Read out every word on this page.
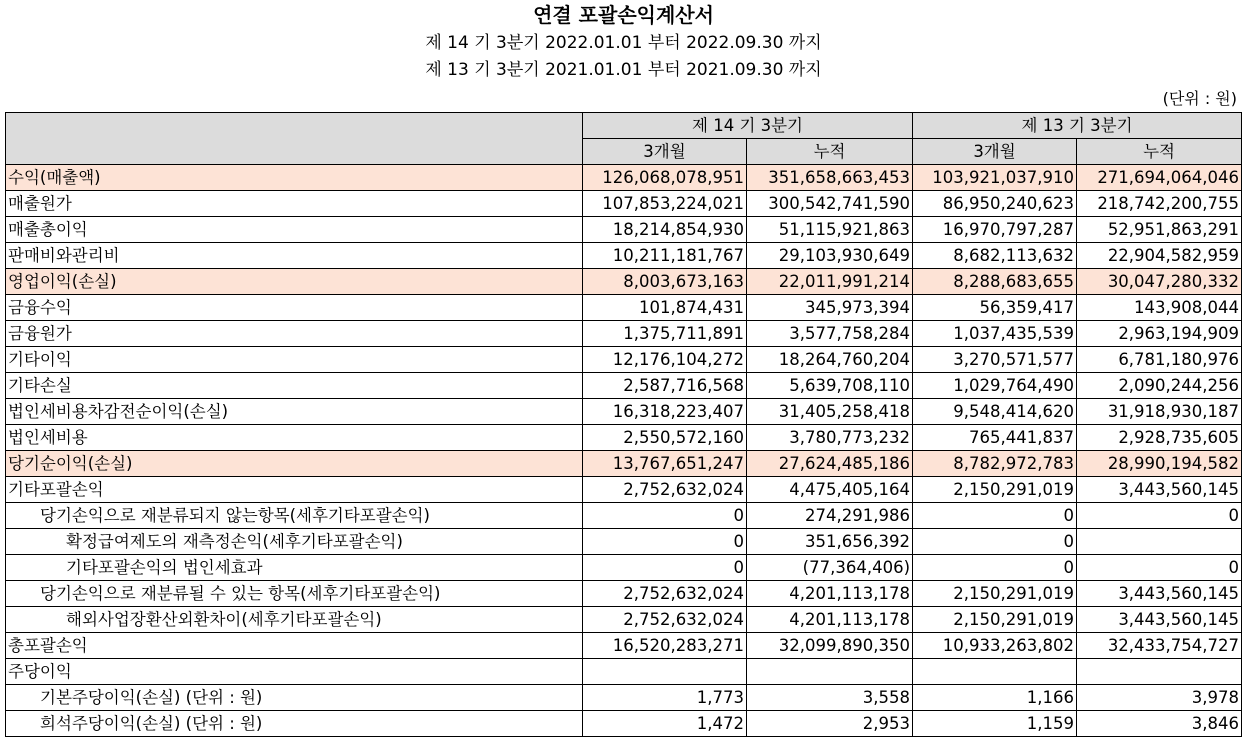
연결 포괄손익계산서
제 14 기 3분기 2022.01.01 부터 2022.09.30 까지
제 13 기 3분기 2021.01.01 부터 2021.09.30 까지
(단위 : 원)
	제 14 기 3분기		제 13 기 3분기	
	3개월	누적	3개월	누적
수익(매출액)	126,068,078,951	351,658,663,453	103,921,037,910	271,694,064,046
매출원가	107,853,224,021	300,542,741,590	86,950,240,623	218,742,200,755
매출총이익	18,214,854,930	51,115,921,863	16,970,797,287	52,951,863,291
판매비와관리비	10,211,181,767	29,103,930,649	8,682,113,632	22,904,582,959
영업이익(손실)	8,003,673,163	22,011,991,214	8,288,683,655	30,047,280,332
금융수익	101,874,431	345,973,394	56,359,417	143,908,044
금융원가	1,375,711,891	3,577,758,284	1,037,435,539	2,963,194,909
기타이익	12,176,104,272	18,264,760,204	3,270,571,577	6,781,180,976
기타손실	2,587,716,568	5,639,708,110	1,029,764,490	2,090,244,256
법인세비용차감전순이익(손실)	16,318,223,407	31,405,258,418	9,548,414,620	31,918,930,187
법인세비용	2,550,572,160	3,780,773,232	765,441,837	2,928,735,605
당기순이익(손실)	13,767,651,247	27,624,485,186	8,782,972,783	28,990,194,582
기타포괄손익	2,752,632,024	4,475,405,164	2,150,291,019	3,443,560,145
당기손익으로 재분류되지 않는항목(세후기타포괄손익)	0	274,291,986	0	0
확정급여제도의 재측정손익(세후기타포괄손익)	0	351,656,392	0	
기타포괄손익의 법인세효과	0	(77,364,406)	0	0
당기손익으로 재분류될 수 있는 항목(세후기타포괄손익)	2,752,632,024	4,201,113,178	2,150,291,019	3,443,560,145
해외사업장환산외환차이(세후기타포괄손익)	2,752,632,024	4,201,113,178	2,150,291,019	3,443,560,145
총포괄손익	16,520,283,271	32,099,890,350	10,933,263,802	32,433,754,727
주당이익				
기본주당이익(손실) (단위 : 원)	1,773	3,558	1,166	3,978
희석주당이익(손실) (단위 : 원)	1,472	2,953	1,159	3,846
